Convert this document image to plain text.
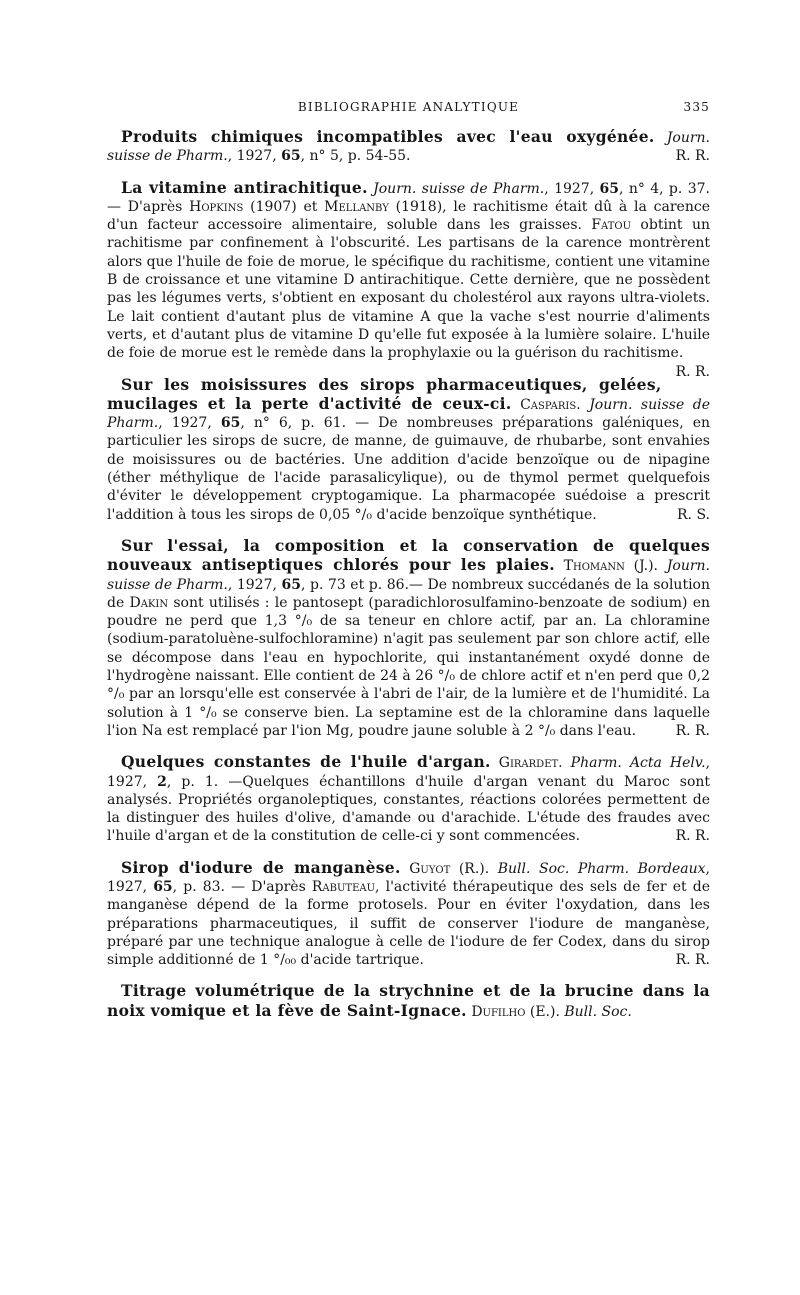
BIBLIOGRAPHIE ANALYTIQUE	335

Produits chimiques incompatibles avec l'eau oxygénée. Journ. suisse de Pharm., 1927, 65, n° 5, p. 54-55.	R. R.

La vitamine antirachitique. Journ. suisse de Pharm., 1927, 65, n° 4, p. 37. — D'après Hopkins (1907) et Mellanby (1918), le rachitisme était dû à la carence d'un facteur accessoire alimentaire, soluble dans les graisses. Fatou obtint un rachitisme par confinement à l'obscurité. Les partisans de la carence montrèrent alors que l'huile de foie de morue, le spécifique du rachitisme, contient une vitamine B de croissance et une vitamine D antirachitique. Cette dernière, que ne possèdent pas les légumes verts, s'obtient en exposant du cholestérol aux rayons ultra-violets. Le lait contient d'autant plus de vitamine A que la vache s'est nourrie d'aliments verts, et d'autant plus de vitamine D qu'elle fut exposée à la lumière solaire. L'huile de foie de morue est le remède dans la prophylaxie ou la guérison du rachitisme.
R. R.

Sur les moisissures des sirops pharmaceutiques, gelées, mucilages et la perte d'activité de ceux-ci. Casparis. Journ. suisse de Pharm., 1927, 65, n° 6, p. 61. — De nombreuses préparations galéniques, en particulier les sirops de sucre, de manne, de guimauve, de rhubarbe, sont envahies de moisissures ou de bactéries. Une addition d'acide benzoïque ou de nipagine (éther méthylique de l'acide parasalicylique), ou de thymol permet quelquefois d'éviter le développement cryptogamique. La pharmacopée suédoise a prescrit l'addition à tous les sirops de 0,05 °/₀ d'acide benzoïque synthétique.	R. S.

Sur l'essai, la composition et la conservation de quelques nouveaux antiseptiques chlorés pour les plaies. Thomann (J.). Journ. suisse de Pharm., 1927, 65, p. 73 et p. 86.— De nombreux succédanés de la solution de Dakin sont utilisés : le pantosept (paradichlorosulfamino-benzoate de sodium) en poudre ne perd que 1,3 °/₀ de sa teneur en chlore actif, par an. La chloramine (sodium-paratoluène-sulfochloramine) n'agit pas seulement par son chlore actif, elle se décompose dans l'eau en hypochlorite, qui instantanément oxydé donne de l'hydrogène naissant. Elle contient de 24 à 26 °/₀ de chlore actif et n'en perd que 0,2 °/₀ par an lorsqu'elle est conservée à l'abri de l'air, de la lumière et de l'humidité. La solution à 1 °/₀ se conserve bien. La septamine est de la chloramine dans laquelle l'ion Na est remplacé par l'ion Mg, poudre jaune soluble à 2 °/₀ dans l'eau.	R. R.

Quelques constantes de l'huile d'argan. Girardet. Pharm. Acta Helv., 1927, 2, p. 1. —Quelques échantillons d'huile d'argan venant du Maroc sont analysés. Propriétés organoleptiques, constantes, réactions colorées permettent de la distinguer des huiles d'olive, d'amande ou d'arachide. L'étude des fraudes avec l'huile d'argan et de la constitution de celle-ci y sont commencées.	R. R.

Sirop d'iodure de manganèse. Guyot (R.). Bull. Soc. Pharm. Bordeaux, 1927, 65, p. 83. — D'après Rabuteau, l'activité thérapeutique des sels de fer et de manganèse dépend de la forme protosels. Pour en éviter l'oxydation, dans les préparations pharmaceutiques, il suffit de conserver l'iodure de manganèse, préparé par une technique analogue à celle de l'iodure de fer Codex, dans du sirop simple additionné de 1 °/₀₀ d'acide tartrique.	R. R.

Titrage volumétrique de la strychnine et de la brucine dans la noix vomique et la fève de Saint-Ignace. Dufilho (E.). Bull. Soc.
